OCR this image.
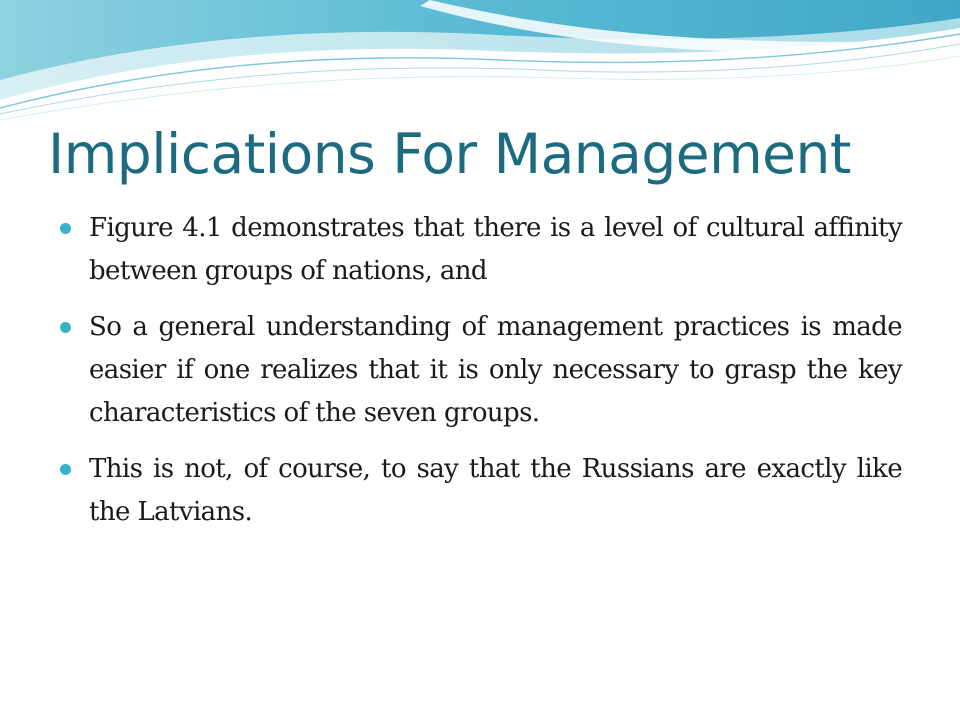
Implications For Management
Figure 4.1 demonstrates that there is a level of cultural affinity between groups of nations, and
So a general understanding of management practices is made easier if one realizes that it is only necessary to grasp the key characteristics of the seven groups.
This is not, of course, to say that the Russians are exactly like the Latvians.
